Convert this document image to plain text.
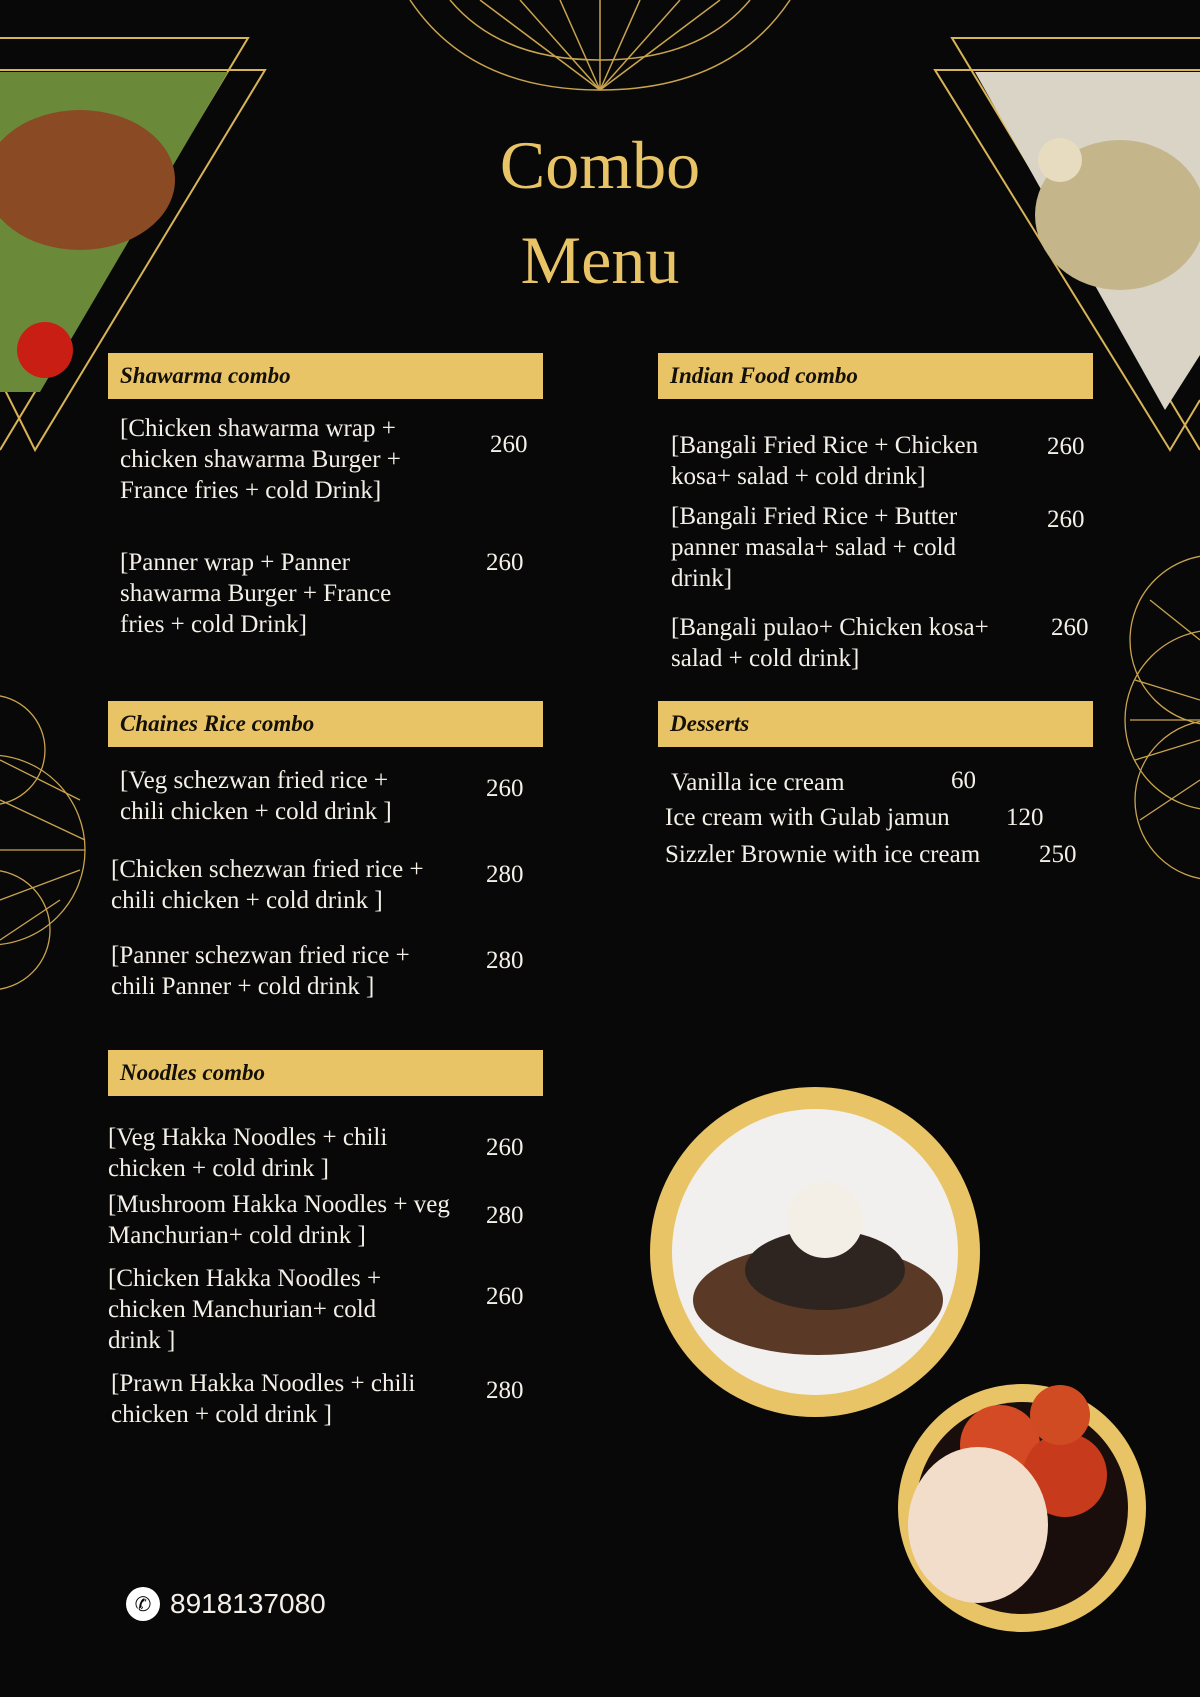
Combo
Menu
Shawarma combo
[Chicken shawarma wrap + chicken shawarma Burger + France fries + cold Drink]
260
[Panner wrap + Panner shawarma Burger + France fries + cold Drink]
260
Indian Food combo
[Bangali Fried Rice + Chicken kosa+ salad + cold drink]
260
[Bangali Fried Rice + Butter panner masala+ salad + cold drink]
260
[Bangali pulao+ Chicken kosa+ salad + cold drink]
260
Chaines Rice combo
[Veg schezwan fried rice + chili chicken + cold drink ]
260
[Chicken schezwan fried rice + chili chicken + cold drink ]
280
[Panner schezwan fried rice + chili Panner + cold drink ]
280
Desserts
Vanilla ice cream	60
Ice cream with Gulab jamun	120
Sizzler Brownie with ice cream	250
Noodles combo
[Veg Hakka Noodles + chili chicken + cold drink ]
260
[Mushroom Hakka Noodles + veg Manchurian+ cold drink ]
280
[Chicken Hakka Noodles + chicken Manchurian+ cold drink ]
260
[Prawn Hakka Noodles + chili chicken + cold drink ]
280
✆ 8918137080
